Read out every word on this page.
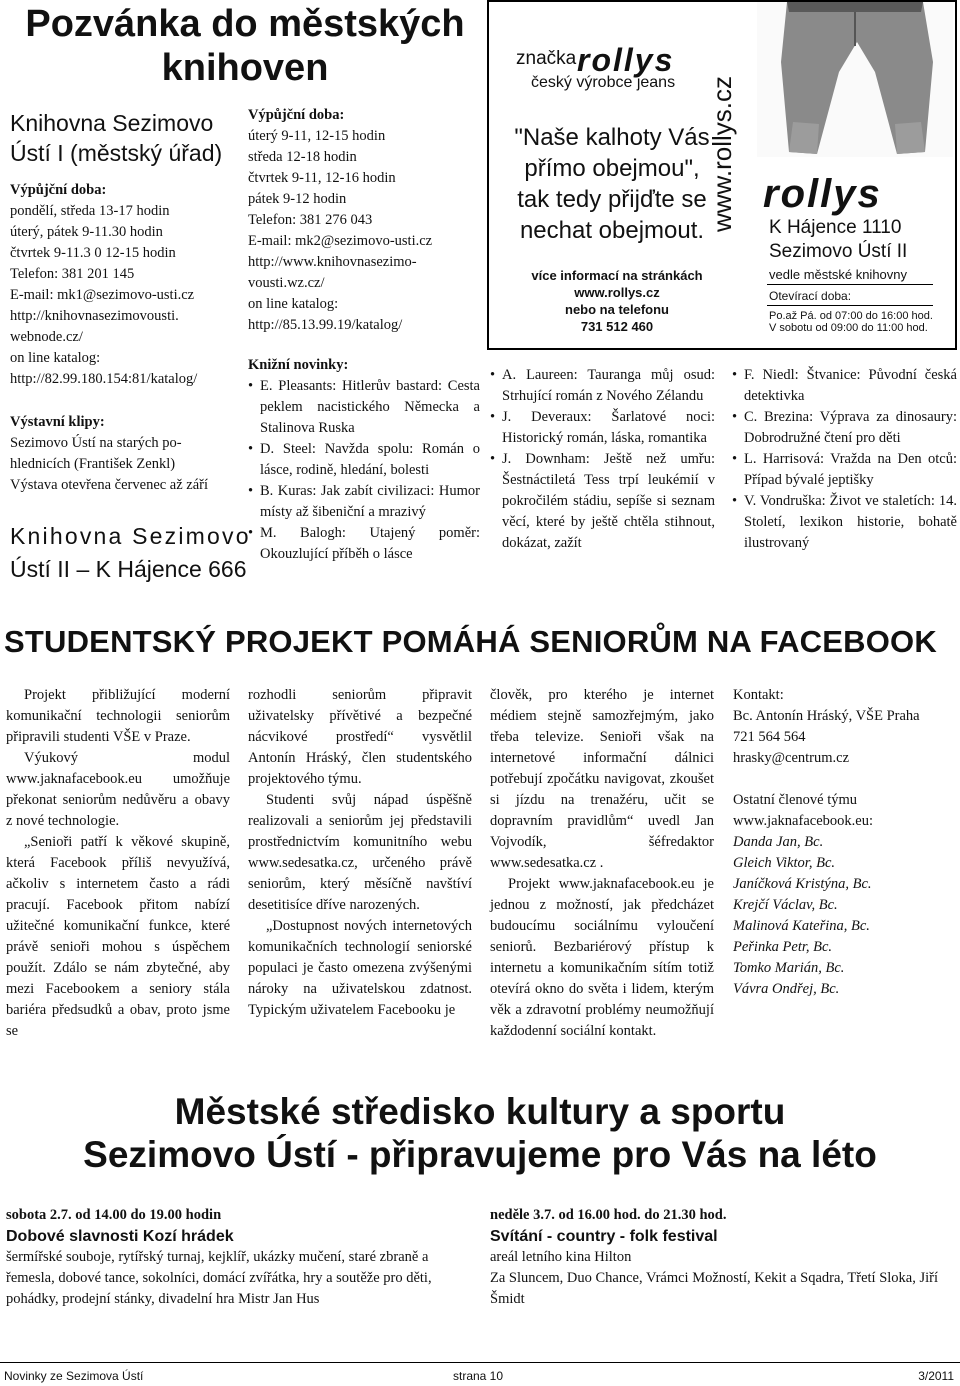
Pozvánka do městských
knihoven
Knihovna Sezimovo
Ústí I (městský úřad)
Výpůjční doba:
pondělí, středa 13-17 hodin
úterý, pátek 9-11.30 hodin
čtvrtek 9-11.3 0 12-15 hodin
Telefon: 381 201 145
E-mail: mk1@sezimovo-usti.cz
http://knihovnasezimovousti.
webnode.cz/
on line katalog:
http://82.99.180.154:81/katalog/
Výstavní klipy:
Sezimovo Ústí na starých po-
hlednicích (František Zenkl)
Výstava otevřena červenec až září
Knihovna Sezimovo
Ústí II – K Hájence 666
Výpůjční doba:
úterý 9-11, 12-15 hodin
středa 12-18 hodin
čtvrtek 9-11, 12-16 hodin
pátek 9-12 hodin
Telefon: 381 276 043
E-mail: mk2@sezimovo-usti.cz
http://www.knihovnasezimo-
vousti.wz.cz/
on line katalog:
http://85.13.99.19/katalog/
Knižní novinky:
• E. Pleasants: Hitlerův bastard: Cesta peklem nacistického Německa a Stalinova Ruska
• D. Steel: Navžda spolu: Román o lásce, rodině, hledání, bolesti
• B. Kuras: Jak zabít civilizaci: Humor místy až šibeniční a mrazivý
• M. Balogh: Utajený poměr: Okouzlující příběh o lásce
• A. Laureen: Tauranga můj osud: Strhující román z Nového Zélandu
• J. Deveraux: Šarlatové noci: Historický román, láska, romantika
• J. Downham: Ještě než umřu: Šestnáctiletá Tess trpí leukémií v pokročilém stádiu, sepíše si seznam věcí, které by ještě chtěla stihnout, dokázat, zažít
• F. Niedl: Štvanice: Původní česká detektivka
• C. Brezina: Výprava za dinosaury: Dobrodružné čtení pro děti
• L. Harrisová: Vražda na Den otců: Případ bývalé jeptišky
• V. Vondruška: Život ve staletích: 14. Století, lexikon historie, bohatě ilustrovaný
značka rollys
český výrobce jeans
"Naše kalhoty Vás
přímo obejmou",
tak tedy přijďte se
nechat obejmout.
více informací na stránkách
www.rollys.cz
nebo na telefonu
731 512 460
www.rollys.cz rollys
K Hájence 1110
Sezimovo Ústí II
vedle městské knihovny
Otevírací doba:
Po.až Pá. od 07:00 do 16:00 hod.
V sobotu od 09:00 do 11:00 hod.
STUDENTSKÝ PROJEKT POMÁHÁ SENIORŮM NA FACEBOOK

Projekt přibližující moderní komunikační technologii seniorům připravili studenti VŠE v Praze.

Výukový modul www.jaknafacebook.eu umožňuje překonat seniorům nedůvěru a obavy z nové technologie.

„Senioři patří k věkové skupině, která Facebook příliš nevyužívá, ačkoliv s internetem často a rádi pracují. Facebook přitom nabízí užitečné komunikační funkce, které právě senioři mohou s úspěchem použít. Zdálo se nám zbytečné, aby mezi Facebookem a seniory stála bariéra předsudků a obav, proto jsme se

rozhodli seniorům připravit uživatelsky přívětivé a bezpečné nácvikové prostředí“ vysvětlil Antonín Hráský, člen studentského projektového týmu.

Studenti svůj nápad úspěšně realizovali a seniorům jej představili prostřednictvím komunitního webu www.sedesatka.cz, určeného právě seniorům, který měsíčně navštíví desetitisíce dříve narozených.

„Dostupnost nových internetových komunikačních technologií seniorské populaci je často omezena zvýšenými nároky na uživatelskou zdatnost. Typickým uživatelem Facebooku je

člověk, pro kterého je internet médiem stejně samozřejmým, jako třeba televize. Senioři však na internetové informační dálnici potřebují zpočátku navigovat, zkoušet si jízdu na trenažéru, učit se dopravním pravidlům“ uvedl Jan Vojvodík, šéfredaktor www.sedesatka.cz .

Projekt www.jaknafacebook.eu je jednou z možností, jak předcházet budoucímu sociálnímu vyloučení seniorů. Bezbariérový přístup k internetu a komunikačním sítím totiž otevírá okno do světa i lidem, kterým věk a zdravotní problémy neumožňují každodenní sociální kontakt.

Kontakt:
Bc. Antonín Hráský, VŠE Praha
721 564 564
hrasky@centrum.cz
Ostatní členové týmu
www.jaknafacebook.eu:
Danda Jan, Bc.
Gleich Viktor, Bc.
Janíčková Kristýna, Bc.
Krejčí Václav, Bc.
Malinová Kateřina, Bc.
Peřinka Petr, Bc.
Tomko Marián, Bc.
Vávra Ondřej, Bc.
Městské středisko kultury a sportu
Sezimovo Ústí - připravujeme pro Vás na léto
sobota 2.7. od 14.00 do 19.00 hodin
Dobové slavnosti Kozí hrádek

šermířské souboje, rytířský turnaj, kejklíř, ukázky mučení, staré zbraně a řemesla, dobové tance, sokolníci, domácí zvířátka, hry a soutěže pro děti, pohádky, prodejní stánky, divadelní hra Mistr Jan Hus

neděle 3.7. od 16.00 hod. do 21.30 hod.
Svítání - country - folk festival
areál letního kina Hilton

Za Sluncem, Duo Chance, Vrámci Možností, Kekit a Sqadra, Třetí Sloka, Jiří Šmidt

Novinky ze Sezimova Ústí	strana 10	3/2011
